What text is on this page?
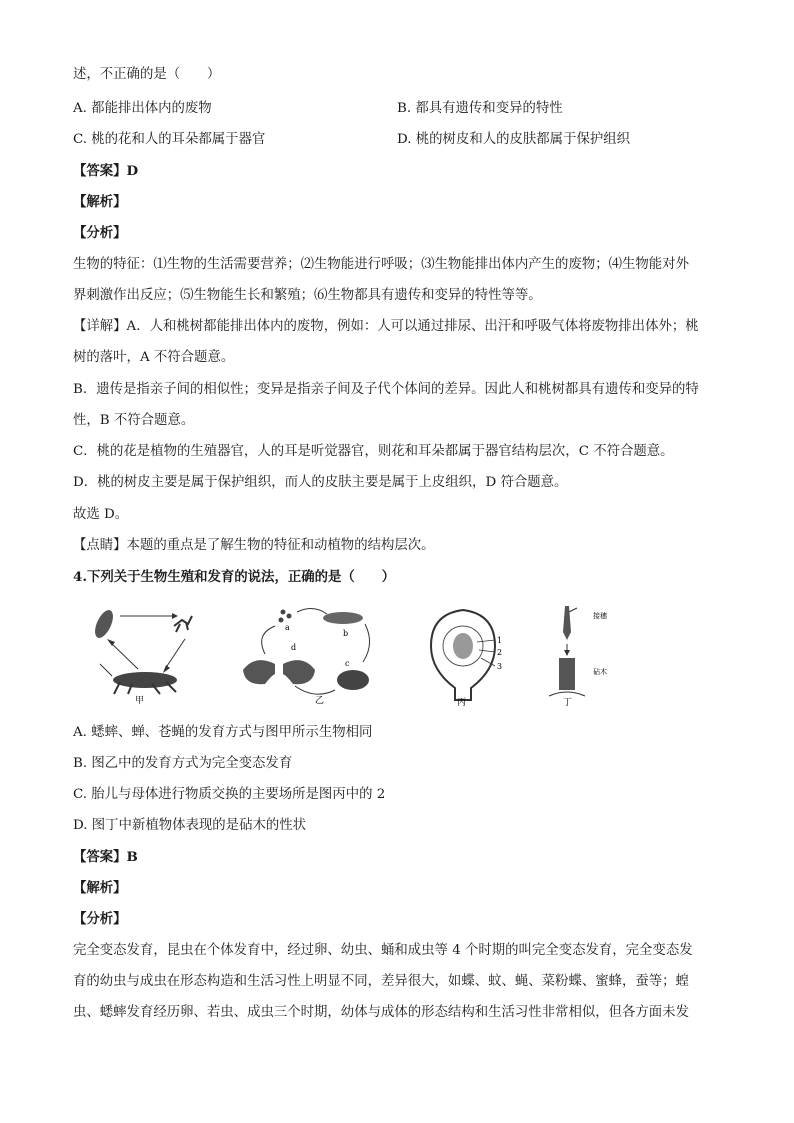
述，不正确的是（　　）
A. 都能排出体内的废物	B. 都具有遗传和变异的特性
C. 桃的花和人的耳朵都属于器官	D. 桃的树皮和人的皮肤都属于保护组织
【答案】D
【解析】
【分析】
生物的特征：⑴生物的生活需要营养；⑵生物能进行呼吸；⑶生物能排出体内产生的废物；⑷生物能对外
界刺激作出反应；⑸生物能生长和繁殖；⑹生物都具有遗传和变异的特性等等。
【详解】A．人和桃树都能排出体内的废物，例如：人可以通过排尿、出汗和呼吸气体将废物排出体外；桃
树的落叶，A 不符合题意。
B．遗传是指亲子间的相似性；变异是指亲子间及子代个体间的差异。因此人和桃树都具有遗传和变异的特
性，B 不符合题意。
C．桃的花是植物的生殖器官，人的耳是听觉器官，则花和耳朵都属于器官结构层次，C 不符合题意。
D．桃的树皮主要是属于保护组织，而人的皮肤主要是属于上皮组织，D 符合题意。
故选 D。
【点睛】本题的重点是了解生物的特征和动植物的结构层次。
4.下列关于生物生殖和发育的说法，正确的是（　　）
甲
a
b
c
d
乙
1
2
3
丙
接穗
砧木
丁
A. 蟋蟀、蝉、苍蝇的发育方式与图甲所示生物相同
B. 图乙中的发育方式为完全变态发育
C. 胎儿与母体进行物质交换的主要场所是图丙中的 2
D. 图丁中新植物体表现的是砧木的性状
【答案】B
【解析】
【分析】
完全变态发育，昆虫在个体发育中，经过卵、幼虫、蛹和成虫等 4 个时期的叫完全变态发育，完全变态发
育的幼虫与成虫在形态构造和生活习性上明显不同，差异很大，如蝶、蚊、蝇、菜粉蝶、蜜蜂，蚕等；蝗
虫、蟋蟀发育经历卵、若虫、成虫三个时期，幼体与成体的形态结构和生活习性非常相似，但各方面未发
